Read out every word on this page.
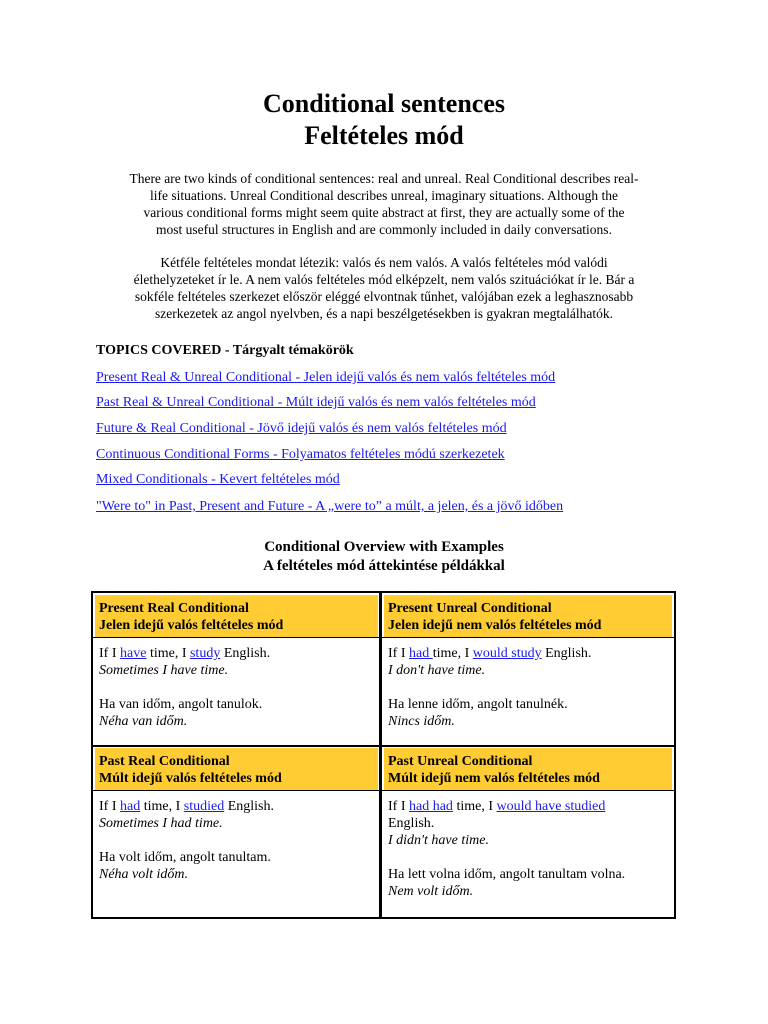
Conditional sentences
Feltételes mód
There are two kinds of conditional sentences: real and unreal. Real Conditional describes real-
life situations. Unreal Conditional describes unreal, imaginary situations. Although the
various conditional forms might seem quite abstract at first, they are actually some of the
most useful structures in English and are commonly included in daily conversations.
Kétféle feltételes mondat létezik: valós és nem valós. A valós feltételes mód valódi
élethelyzeteket ír le. A nem valós feltételes mód elképzelt, nem valós szituációkat ír le. Bár a
sokféle feltételes szerkezet először eléggé elvontnak tűnhet, valójában ezek a leghasznosabb
szerkezetek az angol nyelvben, és a napi beszélgetésekben is gyakran megtalálhatók.
TOPICS COVERED - Tárgyalt témakörök
Present Real & Unreal Conditional - Jelen idejű valós és nem valós feltételes mód
Past Real & Unreal Conditional - Múlt idejű valós és nem valós feltételes mód
Future & Real Conditional - Jövő idejű valós és nem valós feltételes mód
Continuous Conditional Forms - Folyamatos feltételes módú szerkezetek
Mixed Conditionals - Kevert feltételes mód
"Were to" in Past, Present and Future - A „were to” a múlt, a jelen, és a jövő időben
Conditional Overview with Examples
A feltételes mód áttekintése példákkal
Present Real Conditional
Jelen idejű valós feltételes mód
Present Unreal Conditional
Jelen idejű nem valós feltételes mód
If I have time, I study English.
Sometimes I have time.
Ha van időm, angolt tanulok.
Néha van időm.
If I had time, I would study English.
I don't have time.
Ha lenne időm, angolt tanulnék.
Nincs időm.
Past Real Conditional
Múlt idejű valós feltételes mód
Past Unreal Conditional
Múlt idejű nem valós feltételes mód
If I had time, I studied English.
Sometimes I had time.
Ha volt időm, angolt tanultam.
Néha volt időm.
If I had had time, I would have studied
English.
I didn't have time.
Ha lett volna időm, angolt tanultam volna.
Nem volt időm.
